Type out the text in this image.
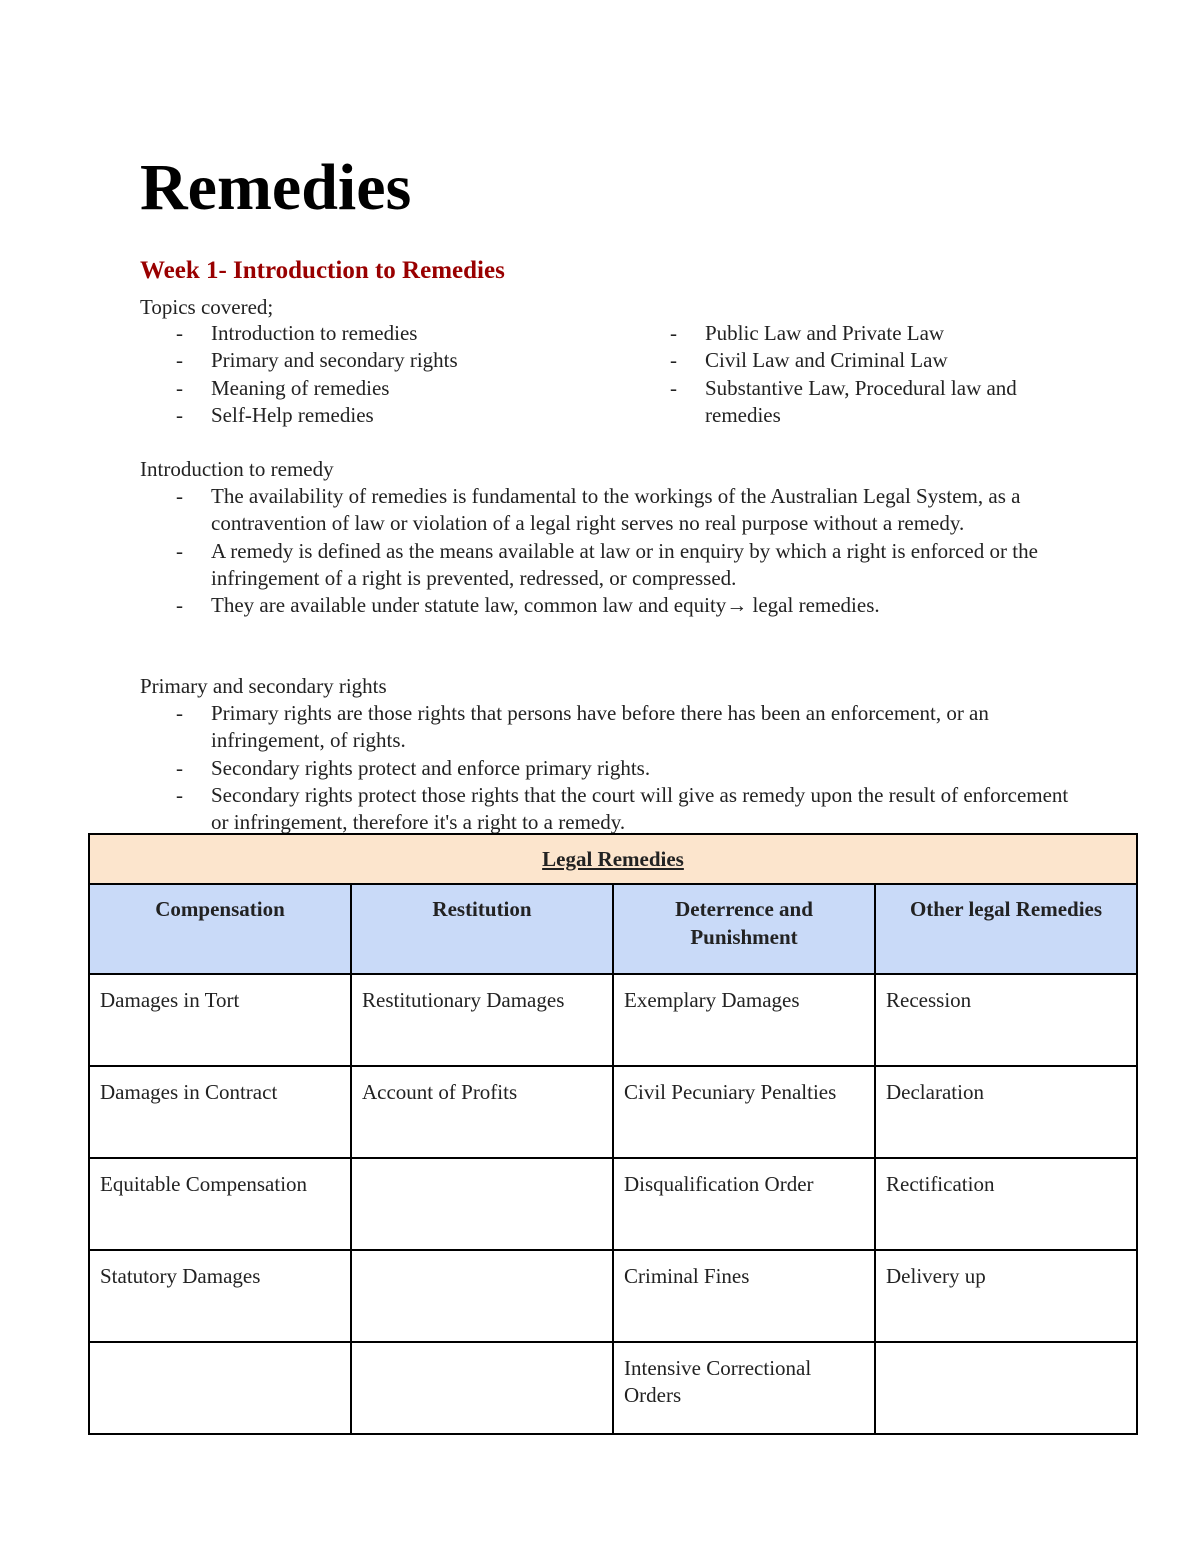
Remedies
Week 1- Introduction to Remedies

Topics covered;

- Introduction to remedies
- Primary and secondary rights
- Meaning of remedies
- Self-Help remedies
- Public Law and Private Law
- Civil Law and Criminal Law
- Substantive Law, Procedural law and remedies

Introduction to remedy

- The availability of remedies is fundamental to the workings of the Australian Legal System, as a contravention of law or violation of a legal right serves no real purpose without a remedy.
- A remedy is defined as the means available at law or in enquiry by which a right is enforced or the infringement of a right is prevented, redressed, or compressed.
- They are available under statute law, common law and equity→ legal remedies.

Primary and secondary rights

- Primary rights are those rights that persons have before there has been an enforcement, or an infringement, of rights.
- Secondary rights protect and enforce primary rights.
- Secondary rights protect those rights that the court will give as remedy upon the result of enforcement or infringement, therefore it's a right to a remedy.
Legal Remedies			
Compensation	Restitution	Deterrence and Punishment	Other legal Remedies
Damages in Tort	Restitutionary Damages	Exemplary Damages	Recession
Damages in Contract	Account of Profits	Civil Pecuniary Penalties	Declaration
Equitable Compensation		Disqualification Order	Rectification
Statutory Damages		Criminal Fines	Delivery up
		Intensive Correctional Orders	
